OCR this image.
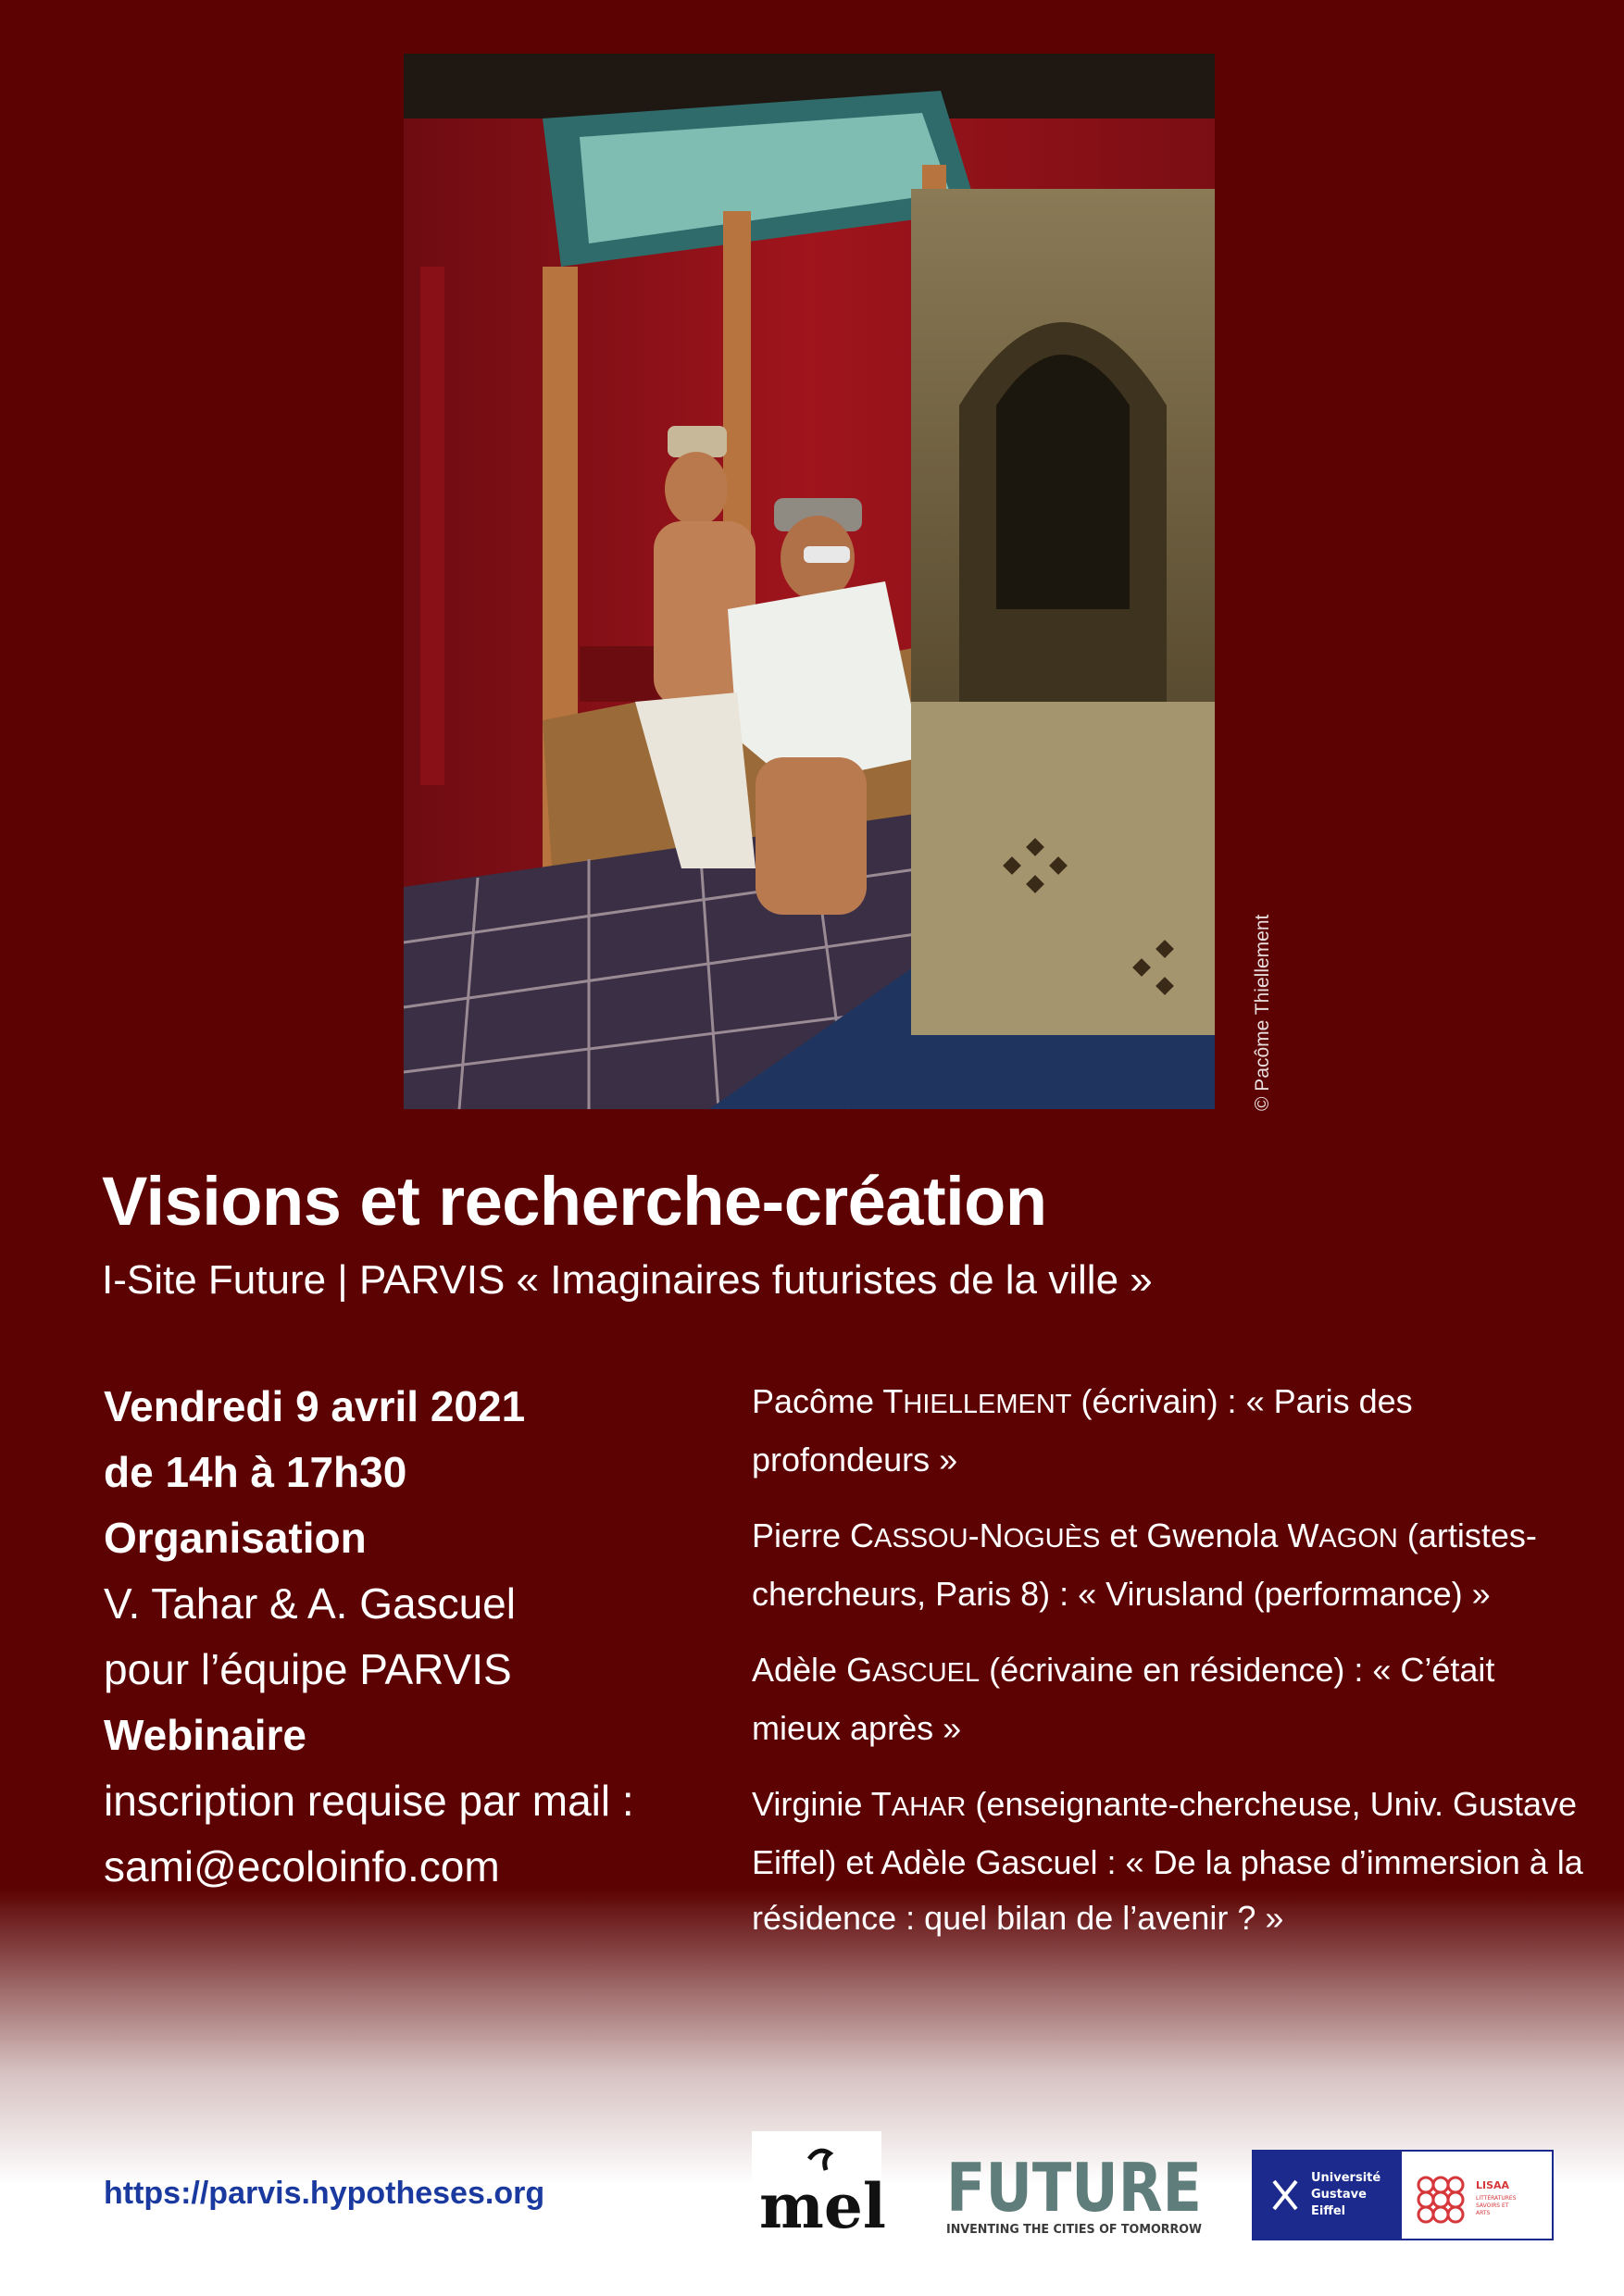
© Pacôme Thiellement
Visions et recherche-création
I-Site Future | PARVIS « Imaginaires futuristes de la ville »
Vendredi 9 avril 2021
de 14h à 17h30
Organisation
V. Tahar & A. Gascuel
pour l’équipe PARVIS
Webinaire
inscription requise par mail :
sami@ecoloinfo.com
Pacôme THIELLEMENT (écrivain) : « Paris des profondeurs »
Pierre CASSOU-NOGUÈS et Gwenola WAGON (artistes-chercheurs, Paris 8) : « Virusland (performance) »
Adèle GASCUEL (écrivaine en résidence) : « C’était mieux après »
Virginie TAHAR (enseignante-chercheuse, Univ. Gustave Eiffel) et Adèle Gascuel : « De la phase d’immersion à la résidence : quel bilan de l’avenir ? »
https://parvis.hypotheses.org	mel FUTURE
INVENTING THE CITIES OF TOMORROW
Université
Gustave
Eiffel
LISAA
LITTÉRATURES
SAVOIRS ET
ARTS
